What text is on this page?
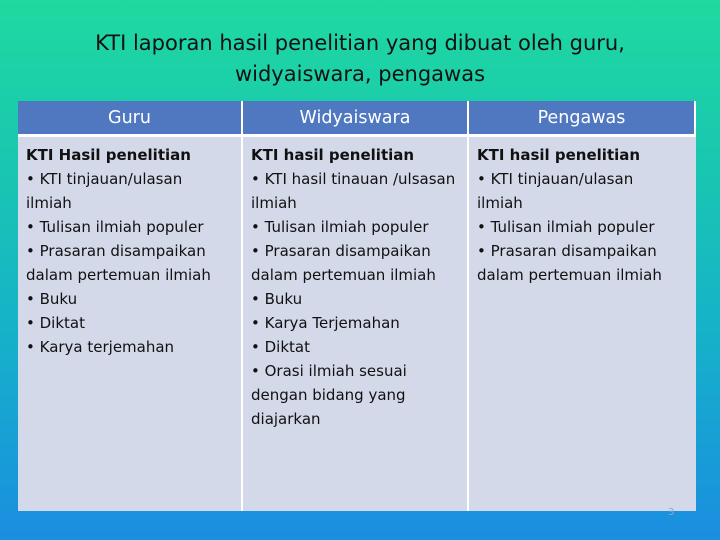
KTI laporan hasil penelitian yang dibuat oleh guru,
widyaiswara, pengawas
Guru	Widyaiswara	Pengawas
KTI Hasil penelitian
• KTI tinjauan/ulasan
ilmiah
• Tulisan ilmiah populer
• Prasaran disampaikan
dalam pertemuan ilmiah
• Buku
• Diktat
• Karya terjemahan
KTI hasil penelitian
• KTI hasil tinauan /ulsasan
ilmiah
• Tulisan ilmiah populer
• Prasaran disampaikan
dalam pertemuan ilmiah
• Buku
• Karya Terjemahan
• Diktat
• Orasi ilmiah sesuai
dengan bidang yang
diajarkan
KTI hasil penelitian
• KTI tinjauan/ulasan
ilmiah
• Tulisan ilmiah populer
• Prasaran disampaikan
dalam pertemuan ilmiah
3
